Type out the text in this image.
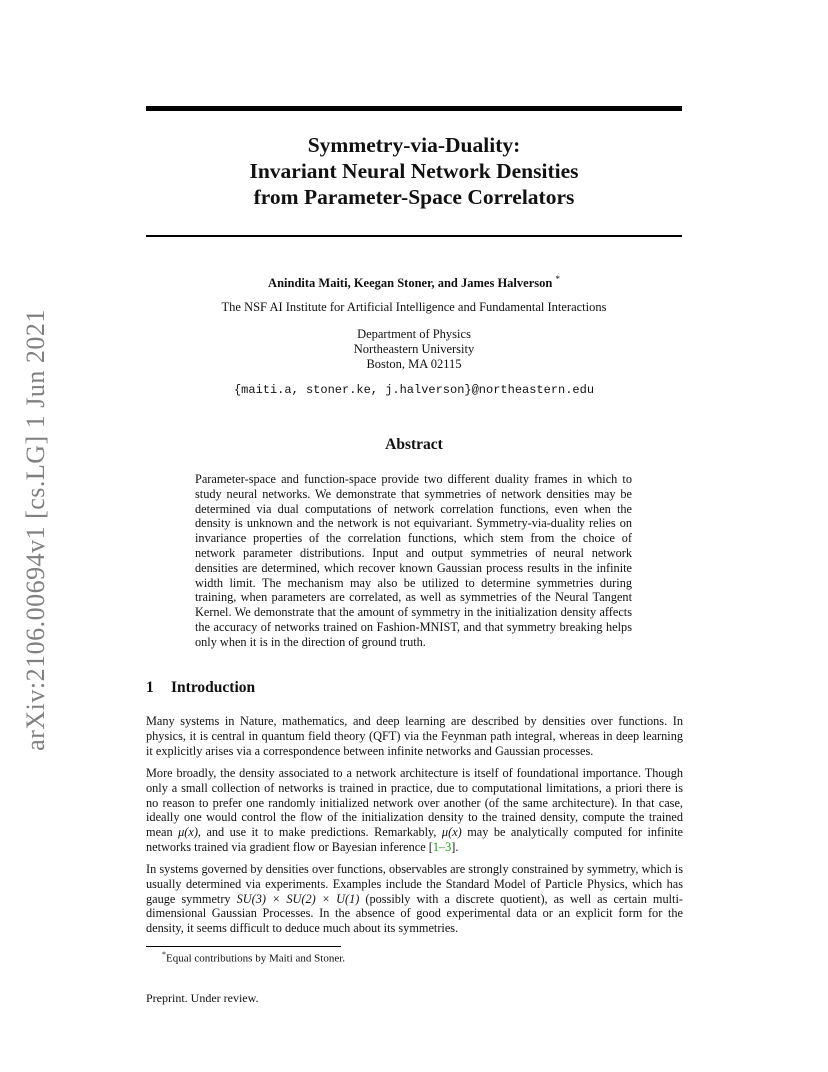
arXiv:2106.00694v1 [cs.LG] 1 Jun 2021
Symmetry-via-Duality:
Invariant Neural Network Densities
from Parameter-Space Correlators
Anindita Maiti, Keegan Stoner, and James Halverson *
The NSF AI Institute for Artificial Intelligence and Fundamental Interactions
Department of Physics
Northeastern University
Boston, MA 02115
{maiti.a, stoner.ke, j.halverson}@northeastern.edu
Abstract
Parameter-space and function-space provide two different duality frames in which to study neural networks. We demonstrate that symmetries of network densities may be determined via dual computations of network correlation functions, even when the density is unknown and the network is not equivariant. Symmetry-via-duality relies on invariance properties of the correlation functions, which stem from the choice of network parameter distributions. Input and output symmetries of neural network densities are determined, which recover known Gaussian process results in the infinite width limit. The mechanism may also be utilized to determine symmetries during training, when parameters are correlated, as well as symmetries of the Neural Tangent Kernel. We demonstrate that the amount of symmetry in the initialization density affects the accuracy of networks trained on Fashion-MNIST, and that symmetry breaking helps only when it is in the direction of ground truth.
1 Introduction
Many systems in Nature, mathematics, and deep learning are described by densities over functions. In physics, it is central in quantum field theory (QFT) via the Feynman path integral, whereas in deep learning it explicitly arises via a correspondence between infinite networks and Gaussian processes.
More broadly, the density associated to a network architecture is itself of foundational importance. Though only a small collection of networks is trained in practice, due to computational limitations, a priori there is no reason to prefer one randomly initialized network over another (of the same architecture). In that case, ideally one would control the flow of the initialization density to the trained density, compute the trained mean μ(x), and use it to make predictions. Remarkably, μ(x) may be analytically computed for infinite networks trained via gradient flow or Bayesian inference [1–3].
In systems governed by densities over functions, observables are strongly constrained by symmetry, which is usually determined via experiments. Examples include the Standard Model of Particle Physics, which has gauge symmetry SU(3) × SU(2) × U(1) (possibly with a discrete quotient), as well as certain multi-dimensional Gaussian Processes. In the absence of good experimental data or an explicit form for the density, it seems difficult to deduce much about its symmetries.
*Equal contributions by Maiti and Stoner.
Preprint. Under review.
